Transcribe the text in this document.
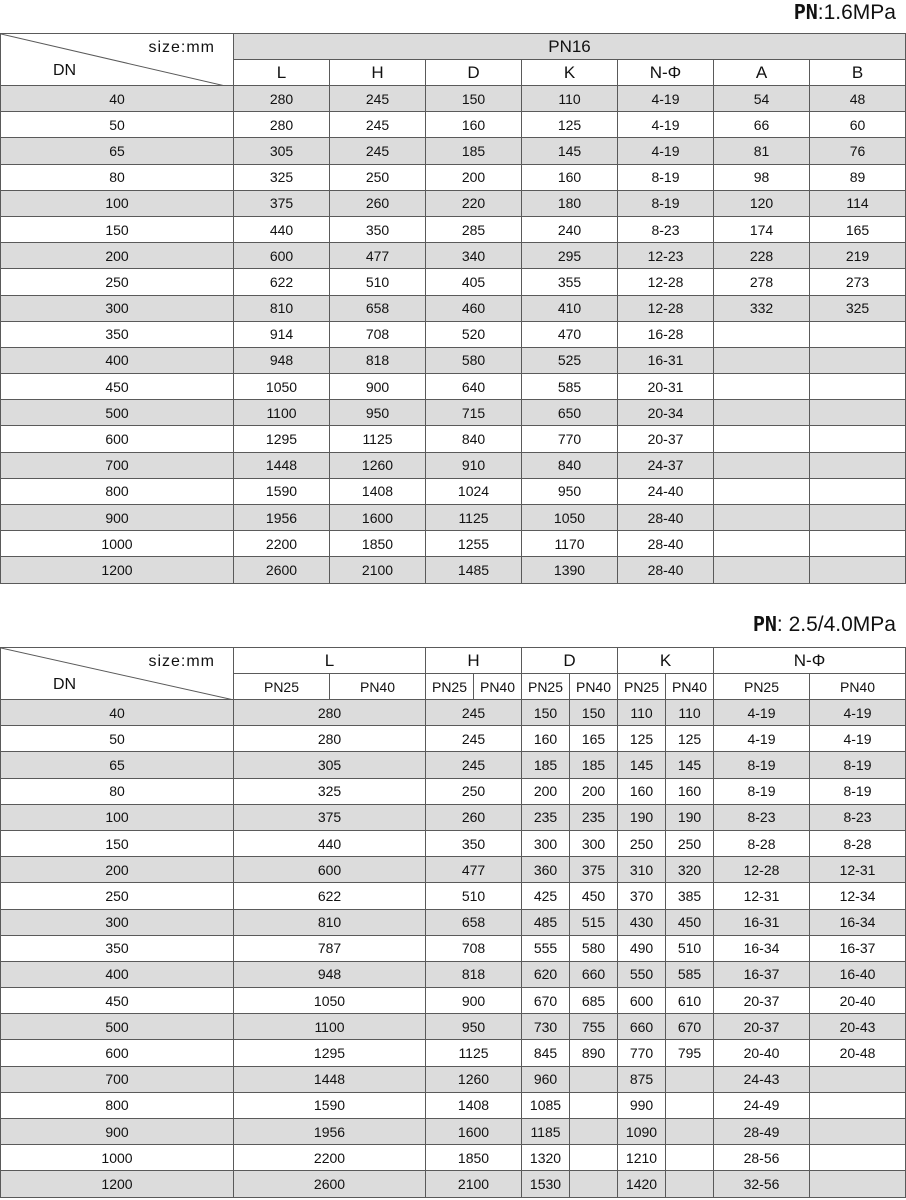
PN:1.6MPa
size:mm
DN	PN16						
	L	H	D	K	N-Φ	A	B
40	280	245	150	110	4-19	54	48
50	280	245	160	125	4-19	66	60
65	305	245	185	145	4-19	81	76
80	325	250	200	160	8-19	98	89
100	375	260	220	180	8-19	120	114
150	440	350	285	240	8-23	174	165
200	600	477	340	295	12-23	228	219
250	622	510	405	355	12-28	278	273
300	810	658	460	410	12-28	332	325
350	914	708	520	470	16-28		
400	948	818	580	525	16-31		
450	1050	900	640	585	20-31		
500	1100	950	715	650	20-34		
600	1295	1125	840	770	20-37		
700	1448	1260	910	840	24-37		
800	1590	1408	1024	950	24-40		
900	1956	1600	1125	1050	28-40		
1000	2200	1850	1255	1170	28-40		
1200	2600	2100	1485	1390	28-40		
PN: 2.5/4.0MPa
size:mm
DN	L		H		D		K		N-Φ		
	PN25	PN40	PN25	PN40	PN25	PN40	PN25	PN40	PN25	PN40	
40	280		245		150	150	110	110	4-19	4-19		
50	280		245		160	165	125	125	4-19	4-19		
65	305		245		185	185	145	145	8-19	8-19		
80	325		250		200	200	160	160	8-19	8-19		
100	375		260		235	235	190	190	8-23	8-23		
150	440		350		300	300	250	250	8-28	8-28		
200	600		477		360	375	310	320	12-28	12-31		
250	622		510		425	450	370	385	12-31	12-34		
300	810		658		485	515	430	450	16-31	16-34		
350	787		708		555	580	490	510	16-34	16-37		
400	948		818		620	660	550	585	16-37	16-40		
450	1050		900		670	685	600	610	20-37	20-40		
500	1100		950		730	755	660	670	20-37	20-43		
600	1295		1125		845	890	770	795	20-40	20-48		
700	1448		1260		960		875		24-43			
800	1590		1408		1085		990		24-49			
900	1956		1600		1185		1090		28-49			
1000	2200		1850		1320		1210		28-56			
1200	2600		2100		1530		1420		32-56			
